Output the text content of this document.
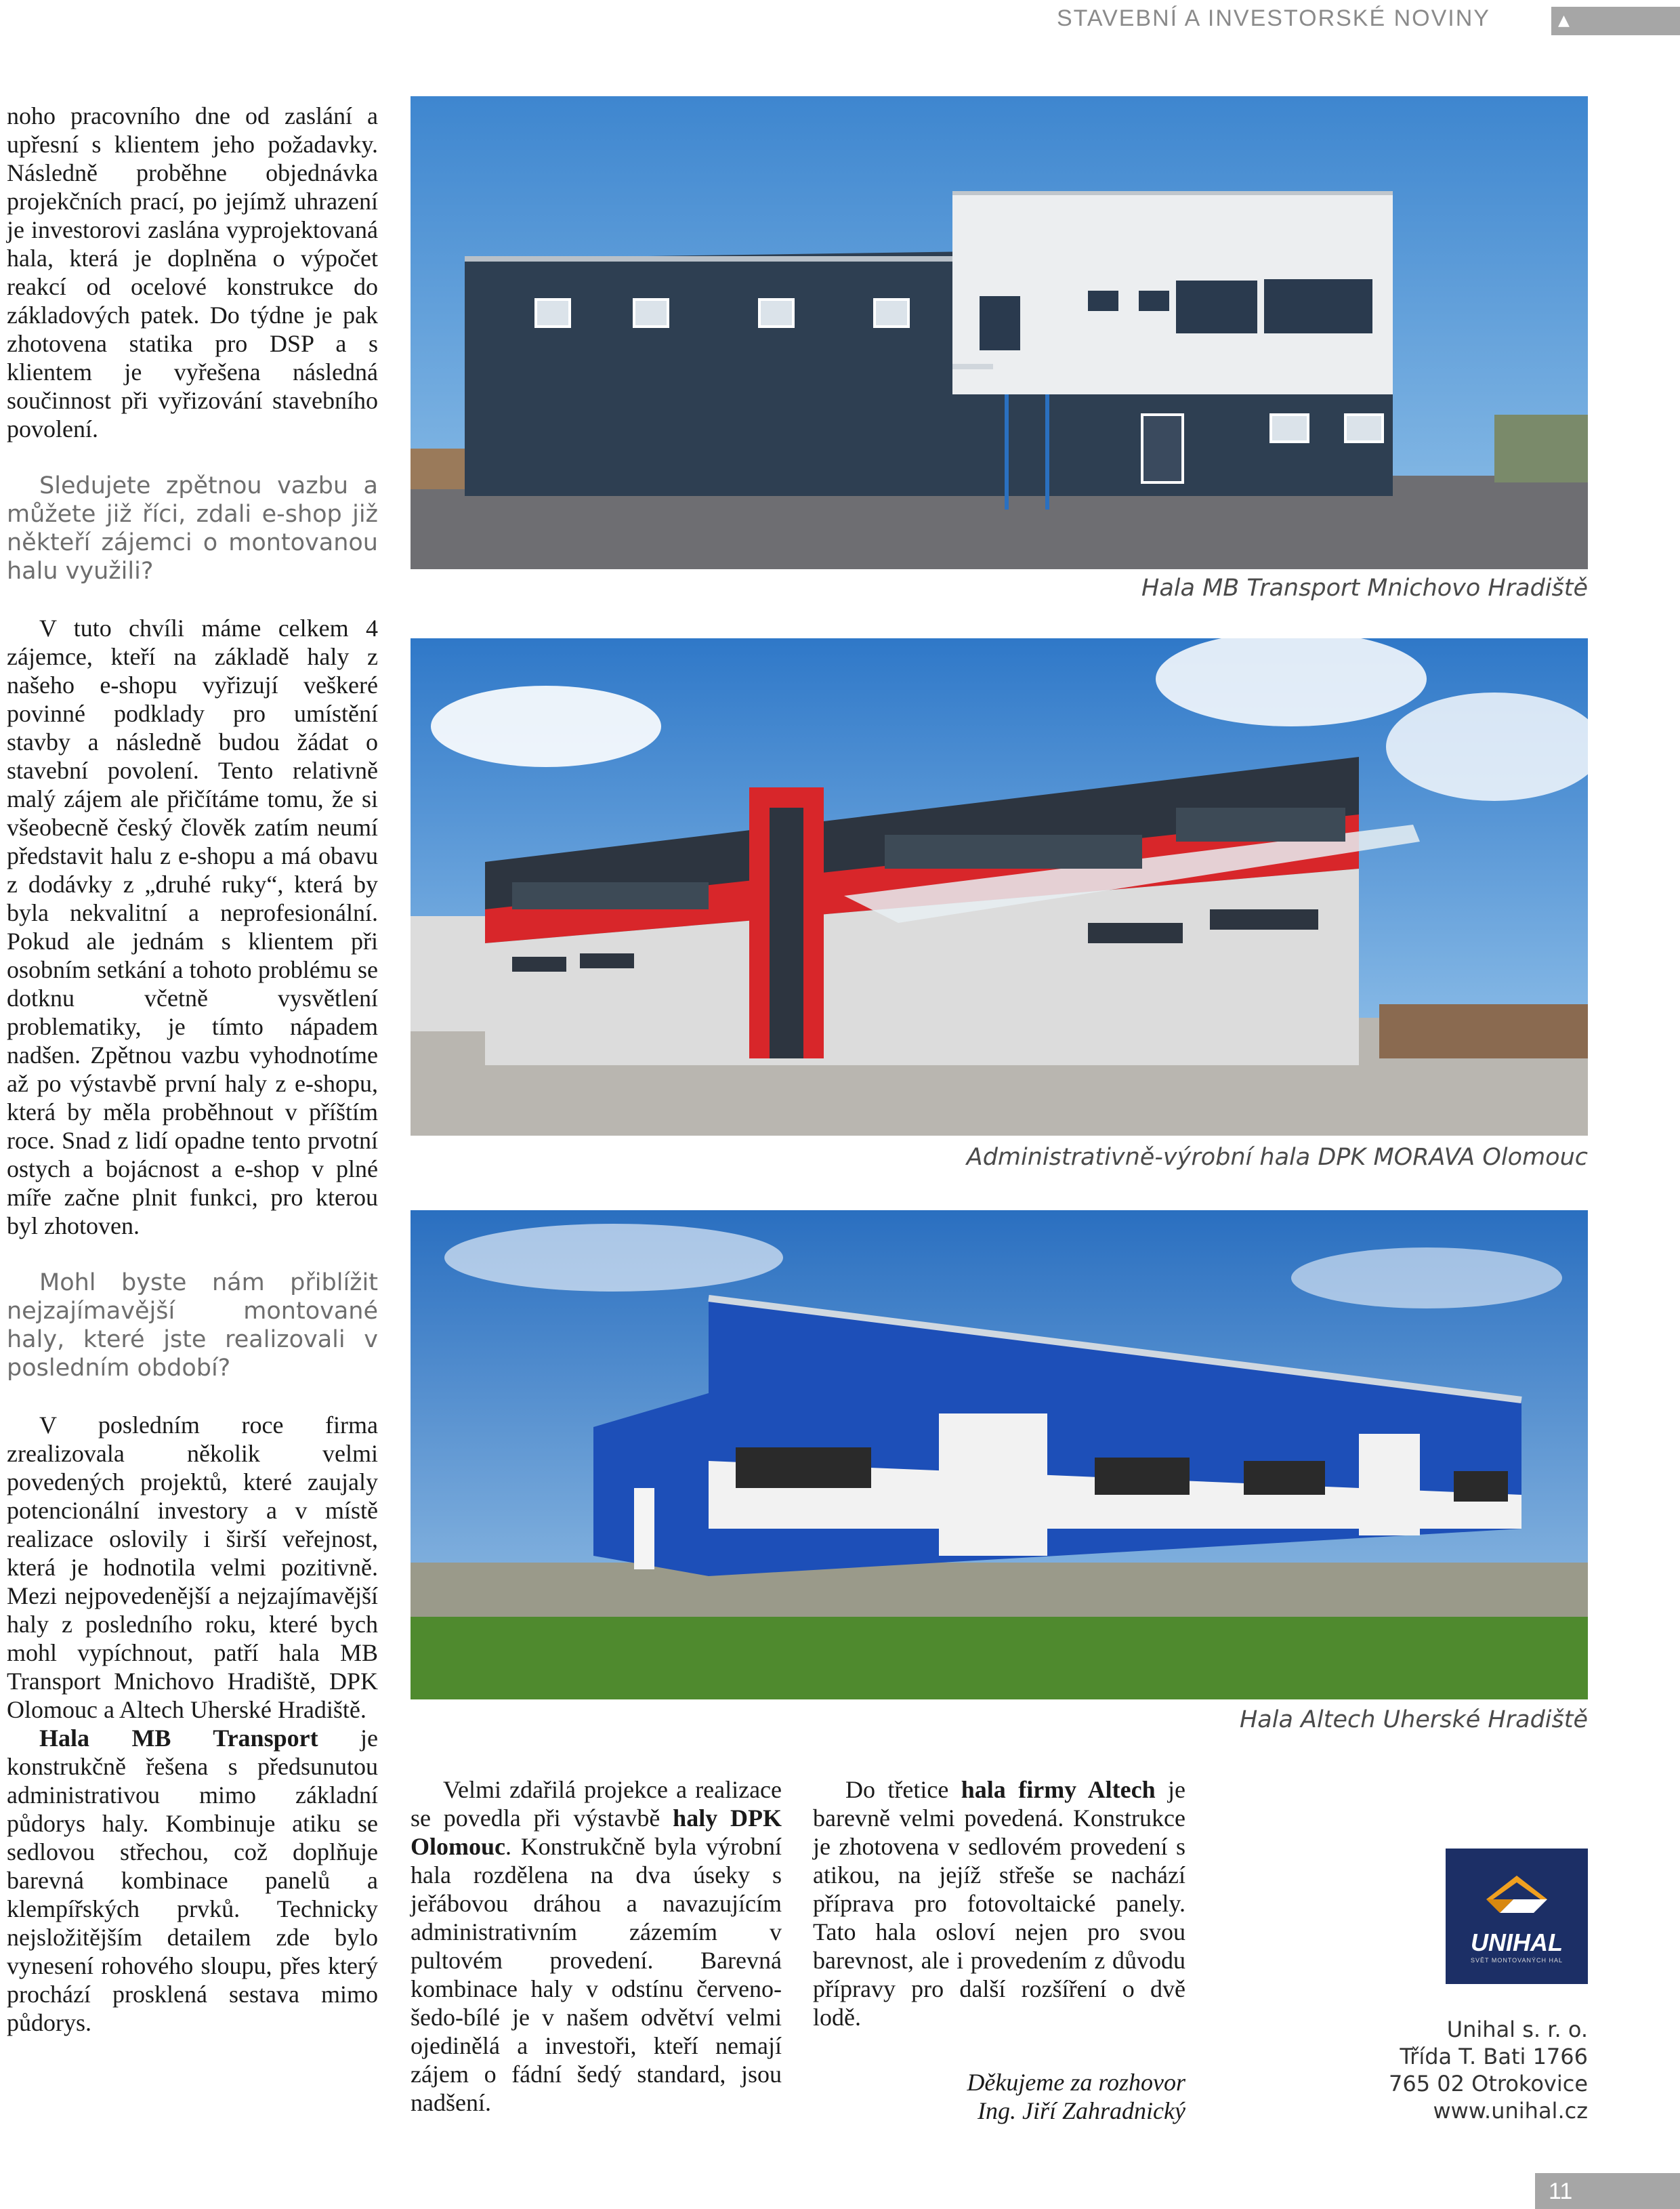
STAVEBNÍ A INVESTORSKÉ NOVINY	▲

noho pracovního dne od zaslání a upřesní s klientem jeho požadavky. Následně proběhne objednávka projekčních prací, po jejímž uhrazení je investorovi zaslána vyprojektovaná hala, která je doplněna o výpočet reakcí od ocelové konstrukce do základových patek. Do týdne je pak zhotovena statika pro DSP a s klientem je vyřešena následná součinnost při vyřizování stavebního povolení.

Sledujete zpětnou vazbu a můžete již říci, zdali e-shop již někteří zájemci o montovanou halu využili?

V tuto chvíli máme celkem 4 zájemce, kteří na základě haly z našeho e-shopu vyřizují veškeré povinné podklady pro umístění stavby a následně budou žádat o stavební povolení. Tento relativně malý zájem ale přičítáme tomu, že si všeobecně český člověk zatím neumí představit halu z e-shopu a má obavu z dodávky z „druhé ruky“, která by byla nekvalitní a neprofesionální. Pokud ale jednám s klientem při osobním setkání a tohoto problému se dotknu včetně vysvětlení problematiky, je tímto nápadem nadšen. Zpětnou vazbu vyhodnotíme až po výstavbě první haly z e-shopu, která by měla proběhnout v příštím roce. Snad z lidí opadne tento prvotní ostych a bojácnost a e-shop v plné míře začne plnit funkci, pro kterou byl zhotoven.

Mohl byste nám přiblížit nejzajímavější montované haly, které jste realizovali v posledním období?

V posledním roce firma zrealizovala několik velmi povedených projektů, které zaujaly potencionální investory a v místě realizace oslovily i širší veřejnost, která je hodnotila velmi pozitivně. Mezi nejpovedenější a nejzajímavější haly z posledního roku, které bych mohl vypíchnout, patří hala MB Transport Mnichovo Hradiště, DPK Olomouc a Altech Uherské Hradiště.

Hala MB Transport je konstrukčně řešena s předsunutou administrativou mimo základní půdorys haly. Kombinuje atiku se sedlovou střechou, což doplňuje barevná kombinace panelů a klempířských prvků. Technicky nejsložitějším detailem zde bylo vynesení rohového sloupu, přes který prochází prosklená sestava mimo půdorys.

Hala MB Transport Mnichovo Hradiště
Administrativně-výrobní hala DPK MORAVA Olomouc
Hala Altech Uherské Hradiště

Velmi zdařilá projekce a realizace se povedla při výstavbě haly DPK Olomouc. Konstrukčně byla výrobní hala rozdělena na dva úseky s jeřábovou dráhou a navazujícím administrativním zázemím v pultovém provedení. Barevná kombinace haly v odstínu červeno-šedo-bílé je v našem odvětví velmi ojedinělá a investoři, kteří nemají zájem o fádní šedý standard, jsou nadšení.

Do třetice hala firmy Altech je barevně velmi povedená. Konstrukce je zhotovena v sedlovém provedení s atikou, na jejíž střeše se nachází příprava pro fotovoltaické panely. Tato hala osloví nejen pro svou barevnost, ale i provedením z důvodu přípravy pro další rozšíření o dvě lodě.

Děkujeme za rozhovor
Ing. Jiří Zahradnický
UNIHAL
SVĚT MONTOVANÝCH HAL
Unihal s. r. o.
Třída T. Bati 1766
765 02 Otrokovice
www.unihal.cz
11
